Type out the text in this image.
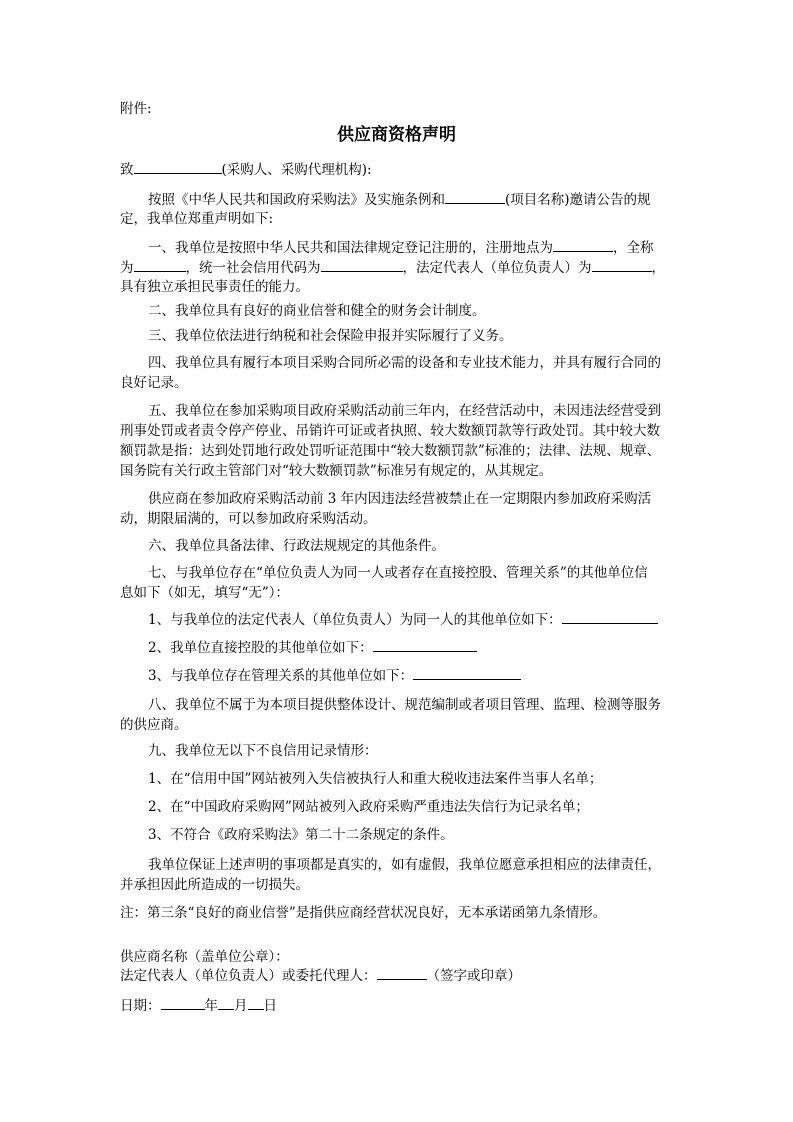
附件:
供应商资格声明
致	(采购人、采购代理机构):
按照《中华人民共和国政府采购法》及实施条例和	(项目名称)邀请公告的规
定，我单位郑重声明如下:
一、我单位是按照中华人民共和国法律规定登记注册的，注册地点为	，全称
为	，统一社会信用代码为	，法定代表人（单位负责人）为	，
具有独立承担民事责任的能力。
二、我单位具有良好的商业信誉和健全的财务会计制度。
三、我单位依法进行纳税和社会保险申报并实际履行了义务。
四、我单位具有履行本项目采购合同所必需的设备和专业技术能力，并具有履行合同的
良好记录。
五、我单位在参加采购项目政府采购活动前三年内，在经营活动中，未因违法经营受到
刑事处罚或者责令停产停业、吊销许可证或者执照、较大数额罚款等行政处罚。其中较大数
额罚款是指：达到处罚地行政处罚听证范围中“较大数额罚款”标准的；法律、法规、规章、
国务院有关行政主管部门对“较大数额罚款”标准另有规定的，从其规定。
供应商在参加政府采购活动前 3 年内因违法经营被禁止在一定期限内参加政府采购活
动，期限届满的，可以参加政府采购活动。
六、我单位具备法律、行政法规规定的其他条件。
七、与我单位存在“单位负责人为同一人或者存在直接控股、管理关系”的其他单位信
息如下（如无，填写“无”）：
1、与我单位的法定代表人（单位负责人）为同一人的其他单位如下：
2、我单位直接控股的其他单位如下：
3、与我单位存在管理关系的其他单位如下：
八、我单位不属于为本项目提供整体设计、规范编制或者项目管理、监理、检测等服务
的供应商。
九、我单位无以下不良信用记录情形：
1、在“信用中国”网站被列入失信被执行人和重大税收违法案件当事人名单；
2、在“中国政府采购网”网站被列入政府采购严重违法失信行为记录名单；
3、不符合《政府采购法》第二十二条规定的条件。
我单位保证上述声明的事项都是真实的，如有虚假，我单位愿意承担相应的法律责任，
并承担因此所造成的一切损失。
注：第三条“良好的商业信誉”是指供应商经营状况良好，无本承诺函第九条情形。
供应商名称（盖单位公章）：
法定代表人（单位负责人）或委托代理人：	（签字或印章）
日期：	年 月 日
